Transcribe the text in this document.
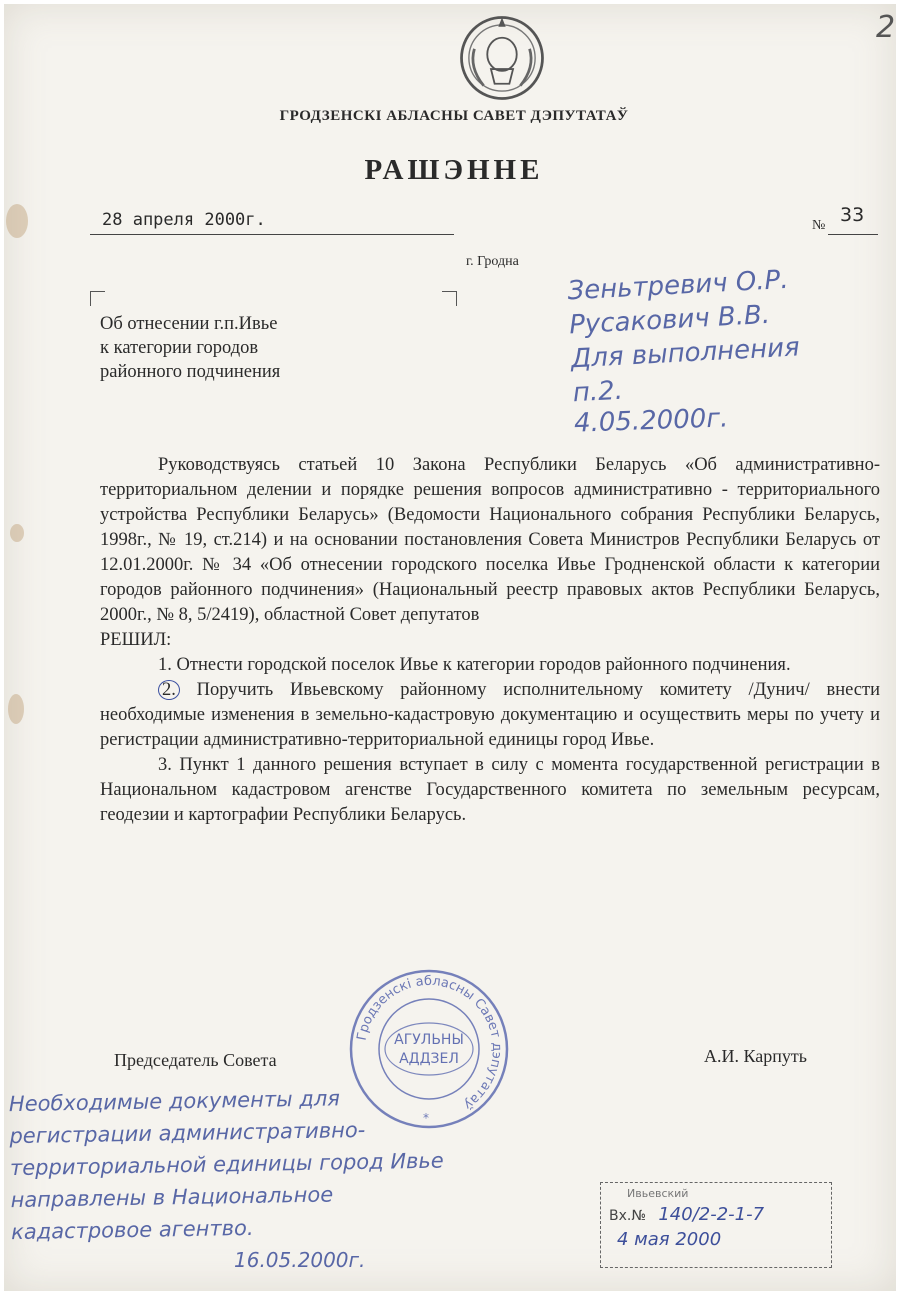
ГРОДЗЕНСКІ АБЛАСНЫ САВЕТ ДЭПУТАТАЎ
РАШЭННЕ
28 апреля 2000г.	№ 33
г. Гродна
2
Об отнесении г.п.Ивье
к категории городов
районного подчинения
Зеньтревич О.Р.
Русакович В.В.
Для выполнения
п.2.
4.05.2000г.

Руководствуясь статьей 10 Закона Республики Беларусь «Об административно-территориальном делении и порядке решения вопросов административно - территориального устройства Республики Беларусь» (Ведомости Национального собрания Республики Беларусь, 1998г., № 19, ст.214) и на основании постановления Совета Министров Республики Беларусь от 12.01.2000г. № 34 «Об отнесении городского поселка Ивье Гродненской области к категории городов районного подчинения» (Национальный реестр правовых актов Республики Беларусь, 2000г., № 8, 5/2419), областной Совет депутатов

РЕШИЛ:

1. Отнести городской поселок Ивье к категории городов районного подчинения.

2. Поручить Ивьевскому районному исполнительному комитету /Дунич/ внести необходимые изменения в земельно-кадастровую документацию и осуществить меры по учету и регистрации административно-территориальной единицы город Ивье.

3. Пункт 1 данного решения вступает в силу с момента государственной регистрации в Национальном кадастровом агенстве Государственного комитета по земельным ресурсам, геодезии и картографии Республики Беларусь.

Председатель Совета	А.И. Карпуть
Гродзенскі абласны Савет дэпутатаў
АГУЛЬНЫ
АДДЗЕЛ
*
Необходимые документы для
регистрации административно-
территориальной единицы город Ивье
направлены в Национальное
кадастровое агентво.
16.05.2000г.
Ивьевский
Вх.№ 140/2-2-1-7
4 мая 2000
